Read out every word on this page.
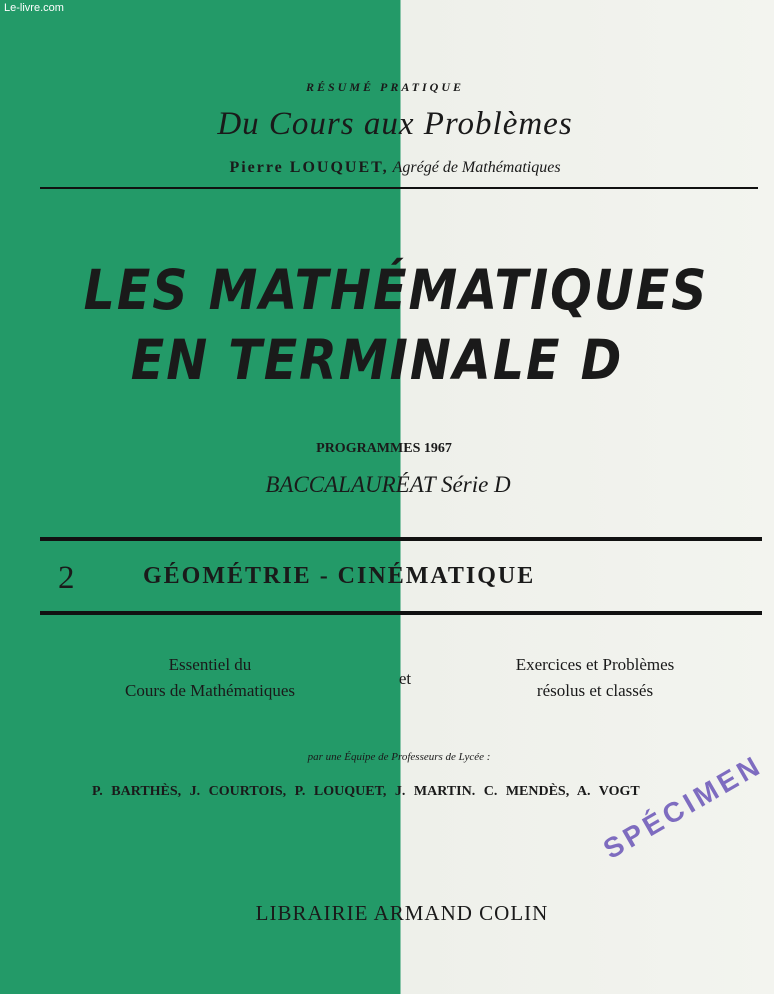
Le-livre.com
RÉSUMÉ PRATIQUE
Du Cours aux Problèmes
Pierre LOUQUET, Agrégé de Mathématiques
LES MATHÉMATIQUES
EN TERMINALE D
PROGRAMMES 1967
BACCALAURÉAT Série D
2	GÉOMÉTRIE - CINÉMATIQUE
Essentiel du
Cours de Mathématiques
et
Exercices et Problèmes
résolus et classés
par une Équipe de Professeurs de Lycée :
P. BARTHÈS, J. COURTOIS, P. LOUQUET, J. MARTIN. C. MENDÈS, A. VOGT
LIBRAIRIE ARMAND COLIN
SPÉCIMEN
